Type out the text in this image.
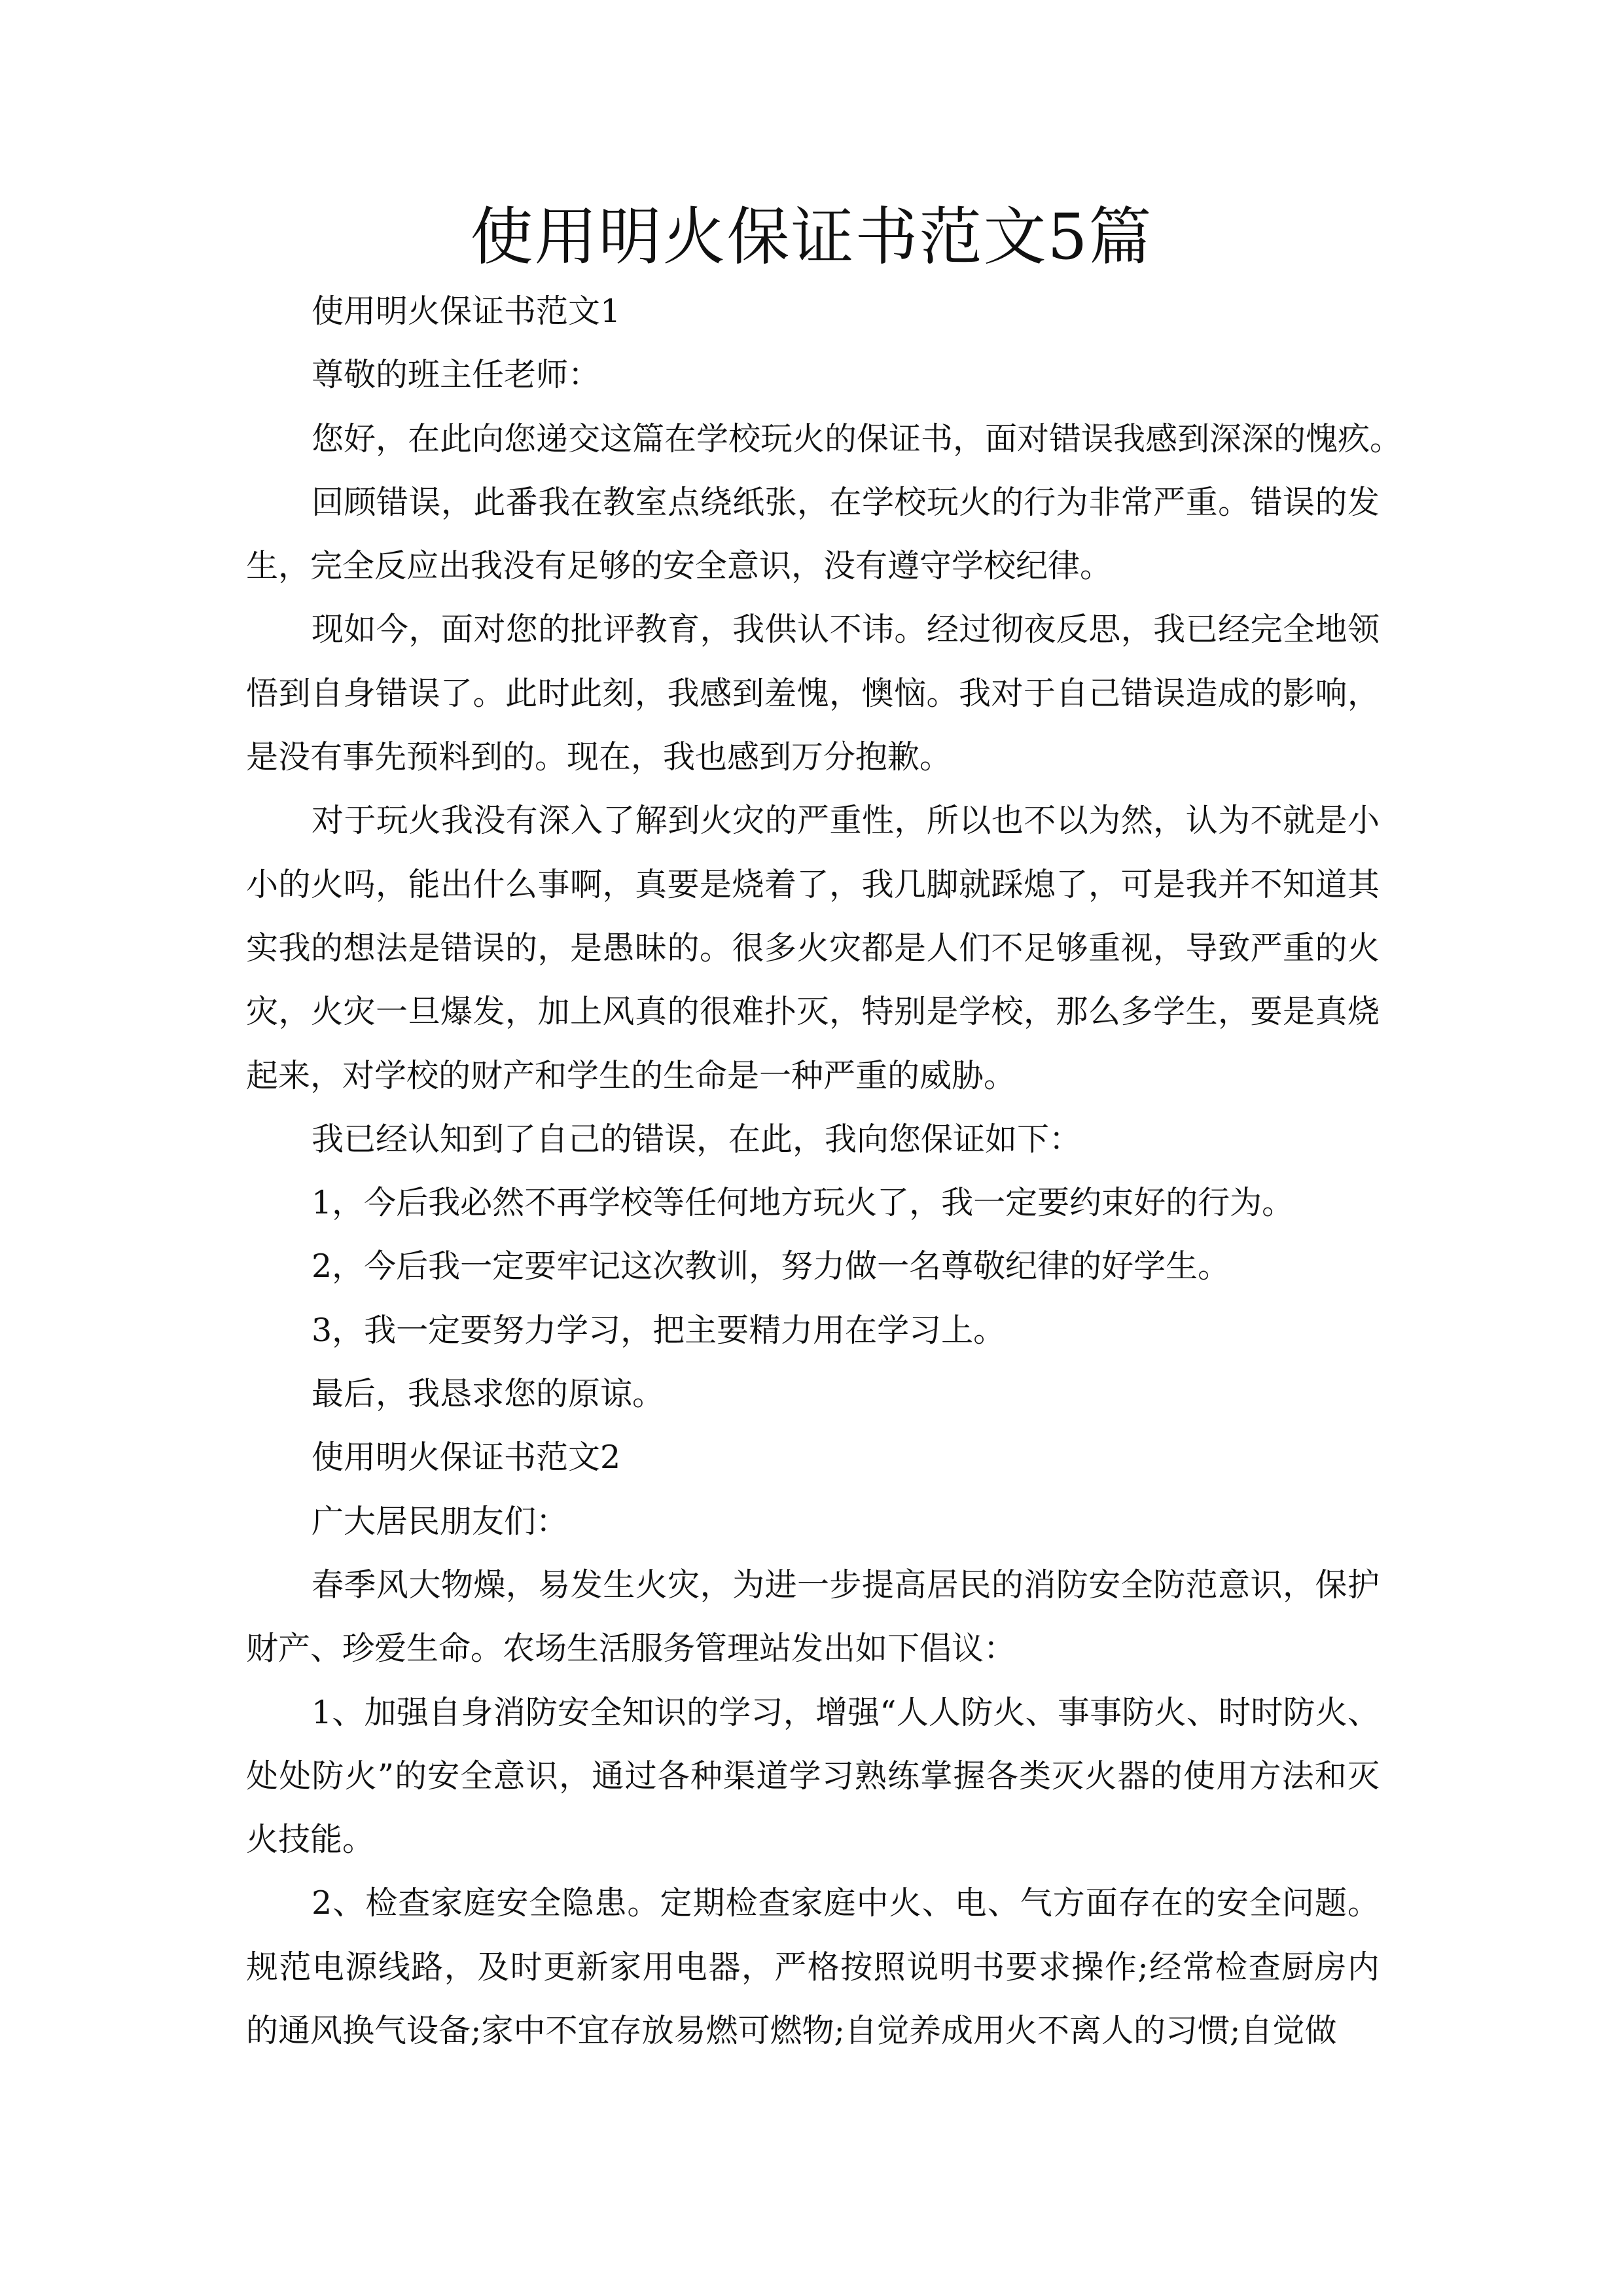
使用明火保证书范文5篇
使用明火保证书范文1
尊敬的班主任老师：
您好，在此向您递交这篇在学校玩火的保证书，面对错误我感到深深的愧疚。
回顾错误，此番我在教室点绕纸张，在学校玩火的行为非常严重。错误的发
生，完全反应出我没有足够的安全意识，没有遵守学校纪律。
现如今，面对您的批评教育，我供认不讳。经过彻夜反思，我已经完全地领
悟到自身错误了。此时此刻，我感到羞愧，懊恼。我对于自己错误造成的影响，
是没有事先预料到的。现在，我也感到万分抱歉。
对于玩火我没有深入了解到火灾的严重性，所以也不以为然，认为不就是小
小的火吗，能出什么事啊，真要是烧着了，我几脚就踩熄了，可是我并不知道其
实我的想法是错误的，是愚昧的。很多火灾都是人们不足够重视，导致严重的火
灾，火灾一旦爆发，加上风真的很难扑灭，特别是学校，那么多学生，要是真烧
起来，对学校的财产和学生的生命是一种严重的威胁。
我已经认知到了自己的错误，在此，我向您保证如下：
1，今后我必然不再学校等任何地方玩火了，我一定要约束好的行为。
2，今后我一定要牢记这次教训，努力做一名尊敬纪律的好学生。
3，我一定要努力学习，把主要精力用在学习上。
最后，我恳求您的原谅。
使用明火保证书范文2
广大居民朋友们：
春季风大物燥，易发生火灾，为进一步提高居民的消防安全防范意识，保护
财产、珍爱生命。农场生活服务管理站发出如下倡议：
1、加强自身消防安全知识的学习，增强“人人防火、事事防火、时时防火、
处处防火”的安全意识，通过各种渠道学习熟练掌握各类灭火器的使用方法和灭
火技能。
2、检查家庭安全隐患。定期检查家庭中火、电、气方面存在的安全问题。
规范电源线路，及时更新家用电器，严格按照说明书要求操作;经常检查厨房内
的通风换气设备;家中不宜存放易燃可燃物;自觉养成用火不离人的习惯;自觉做
